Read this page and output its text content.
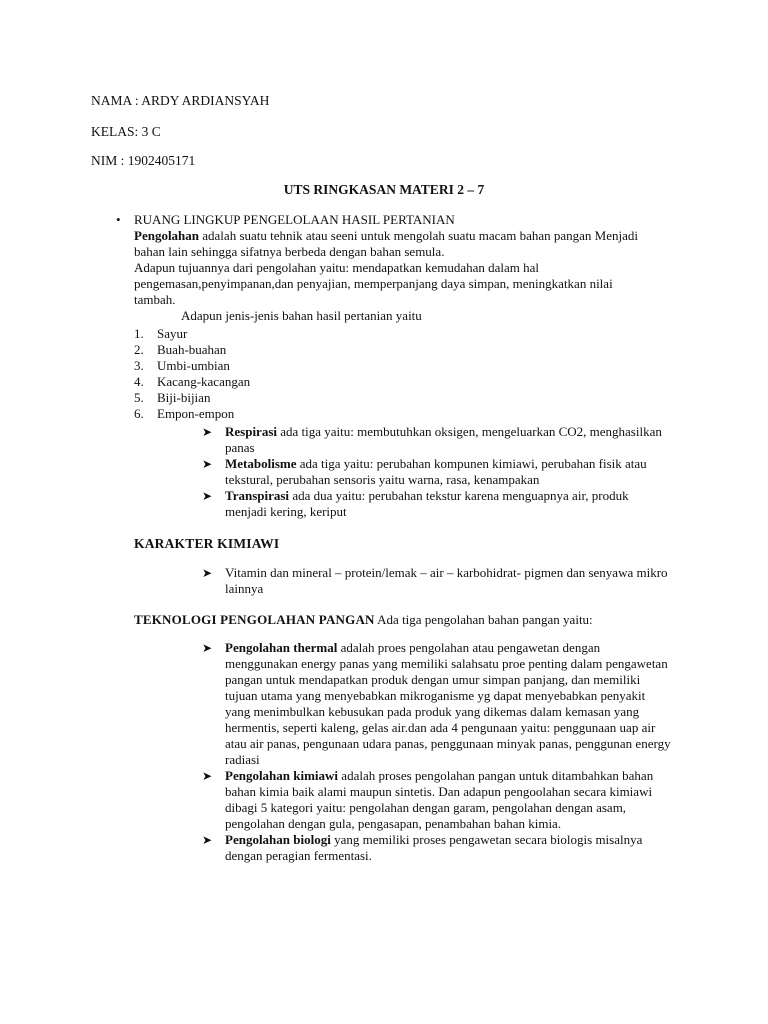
NAMA : ARDY ARDIANSYAH
KELAS: 3 C
NIM : 1902405171
UTS RINGKASAN MATERI 2 – 7
• RUANG LINGKUP PENGELOLAAN HASIL PERTANIAN

Pengolahan adalah suatu tehnik atau seeni untuk mengolah suatu macam bahan pangan Menjadi bahan lain sehingga sifatnya berbeda dengan bahan semula.

Adapun tujuannya dari pengolahan yaitu: mendapatkan kemudahan dalam hal pengemasan,penyimpanan,dan penyajian, memperpanjang daya simpan, meningkatkan nilai tambah.

Adapun jenis-jenis bahan hasil pertanian yaitu

1.	Sayur
2.	Buah-buahan
3.	Umbi-umbian
4.	Kacang-kacangan
5.	Biji-bijian
6.	Empon-empon

➤ Respirasi ada tiga yaitu: membutuhkan oksigen, mengeluarkan CO2, menghasilkan panas

➤ Metabolisme ada tiga yaitu: perubahan kompunen kimiawi, perubahan fisik atau tekstural, perubahan sensoris yaitu warna, rasa, kenampakan

➤ Transpirasi ada dua yaitu: perubahan tekstur karena menguapnya air, produk menjadi kering, keriput

KARAKTER KIMIAWI

➤ Vitamin dan mineral – protein/lemak – air – karbohidrat- pigmen dan senyawa mikro lainnya

TEKNOLOGI PENGOLAHAN PANGAN Ada tiga pengolahan bahan pangan yaitu:

➤ Pengolahan thermal adalah proes pengolahan atau pengawetan dengan menggunakan energy panas yang memiliki salahsatu proe penting dalam pengawetan pangan untuk mendapatkan produk dengan umur simpan panjang, dan memiliki tujuan utama yang menyebabkan mikroganisme yg dapat menyebabkan penyakit yang menimbulkan kebusukan pada produk yang dikemas dalam kemasan yang hermentis, seperti kaleng, gelas air.dan ada 4 pengunaan yaitu: penggunaan uap air atau air panas, pengunaan udara panas, penggunaan minyak panas, penggunan energy radiasi

➤ Pengolahan kimiawi adalah proses pengolahan pangan untuk ditambahkan bahan bahan kimia baik alami maupun sintetis. Dan adapun pengoolahan secara kimiawi dibagi 5 kategori yaitu: pengolahan dengan garam, pengolahan dengan asam, pengolahan dengan gula, pengasapan, penambahan bahan kimia.

➤ Pengolahan biologi yang memiliki proses pengawetan secara biologis misalnya dengan peragian fermentasi.
